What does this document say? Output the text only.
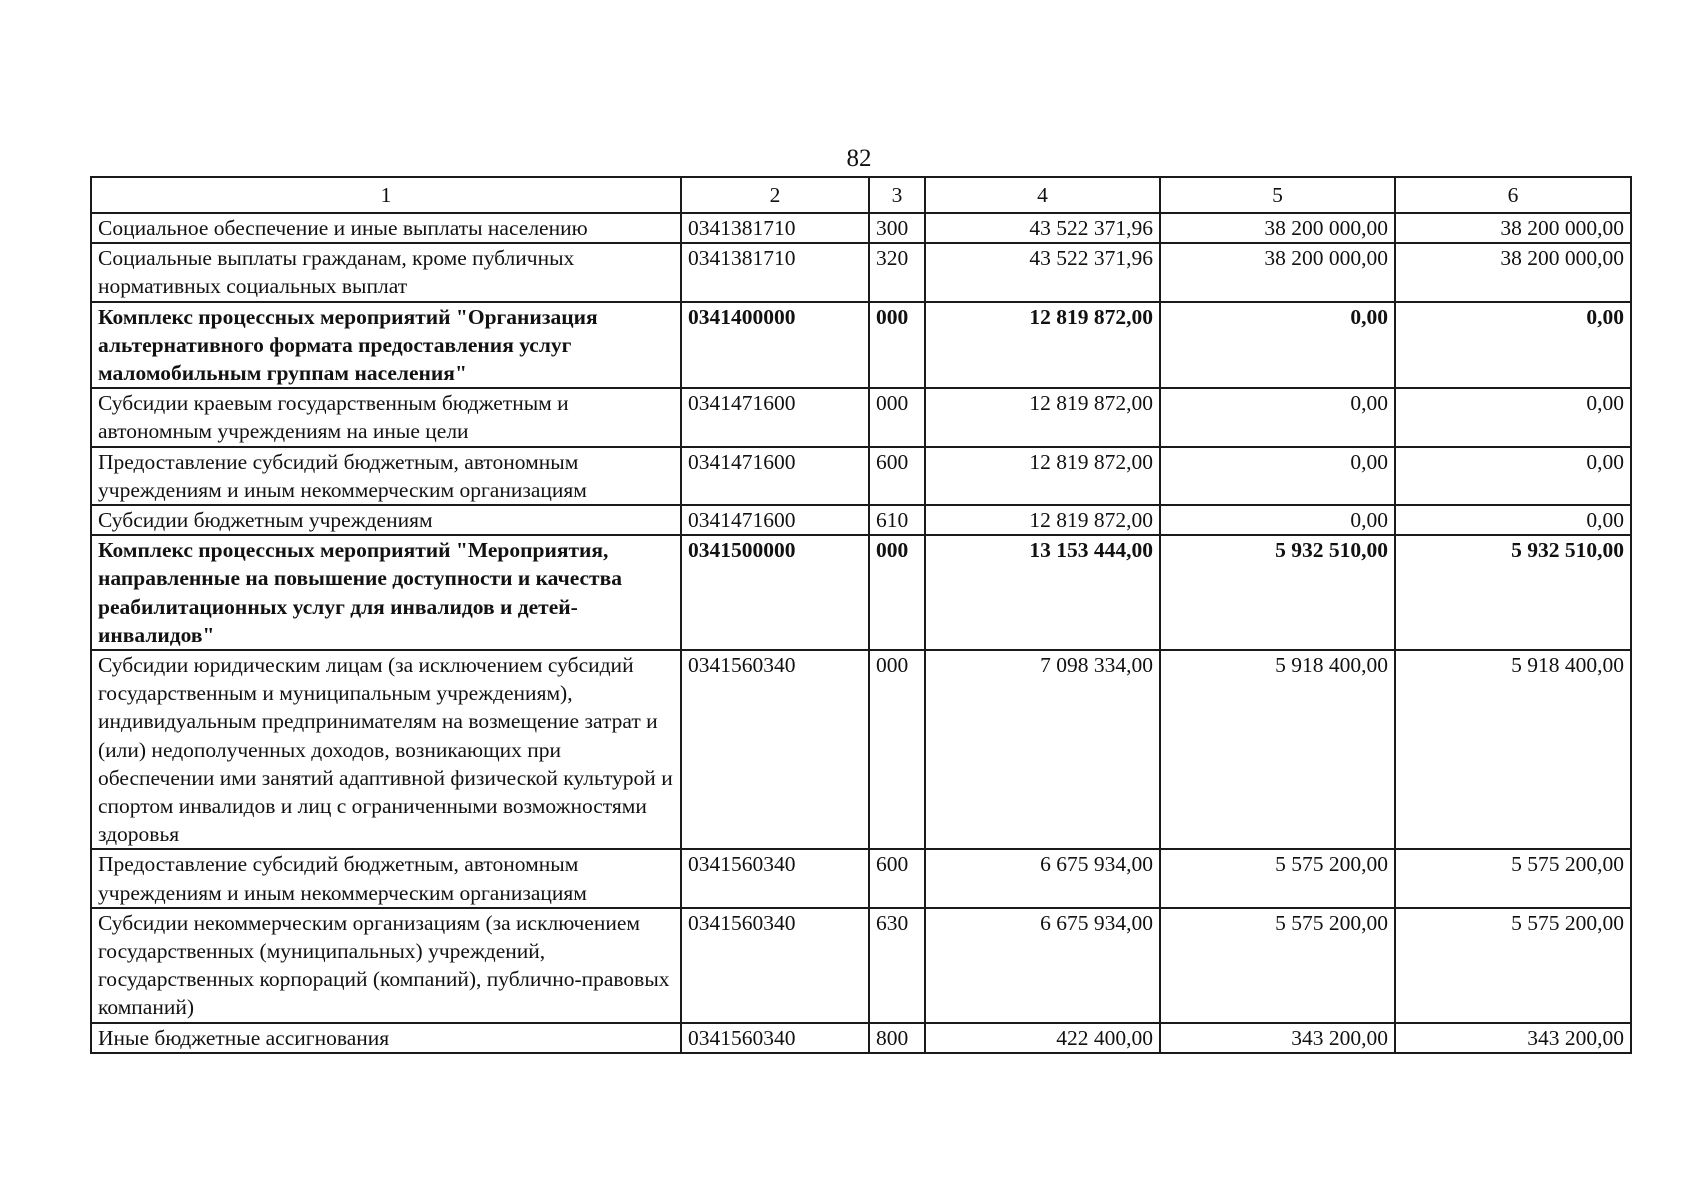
82
1	2	3	4	5	6
Социальное обеспечение и иные выплаты населению	0341381710	300	43 522 371,96	38 200 000,00	38 200 000,00
Социальные выплаты гражданам, кроме публичных нормативных социальных выплат	0341381710	320	43 522 371,96	38 200 000,00	38 200 000,00
Комплекс процессных мероприятий "Организация альтернативного формата предоставления услуг маломобильным группам населения"	0341400000	000	12 819 872,00	0,00	0,00
Субсидии краевым государственным бюджетным и автономным учреждениям на иные цели	0341471600	000	12 819 872,00	0,00	0,00
Предоставление субсидий бюджетным, автономным учреждениям и иным некоммерческим организациям	0341471600	600	12 819 872,00	0,00	0,00
Субсидии бюджетным учреждениям	0341471600	610	12 819 872,00	0,00	0,00
Комплекс процессных мероприятий "Мероприятия, направленные на повышение доступности и качества реабилитационных услуг для инвалидов и детей-инвалидов"	0341500000	000	13 153 444,00	5 932 510,00	5 932 510,00
Субсидии юридическим лицам (за исключением субсидий государственным и муниципальным учреждениям), индивидуальным предпринимателям на возмещение затрат и (или) недополученных доходов, возникающих при обеспечении ими занятий адаптивной физической культурой и спортом инвалидов и лиц с ограниченными возможностями здоровья	0341560340	000	7 098 334,00	5 918 400,00	5 918 400,00
Предоставление субсидий бюджетным, автономным учреждениям и иным некоммерческим организациям	0341560340	600	6 675 934,00	5 575 200,00	5 575 200,00
Субсидии некоммерческим организациям (за исключением государственных (муниципальных) учреждений, государственных корпораций (компаний), публично-правовых компаний)	0341560340	630	6 675 934,00	5 575 200,00	5 575 200,00
Иные бюджетные ассигнования	0341560340	800	422 400,00	343 200,00	343 200,00
